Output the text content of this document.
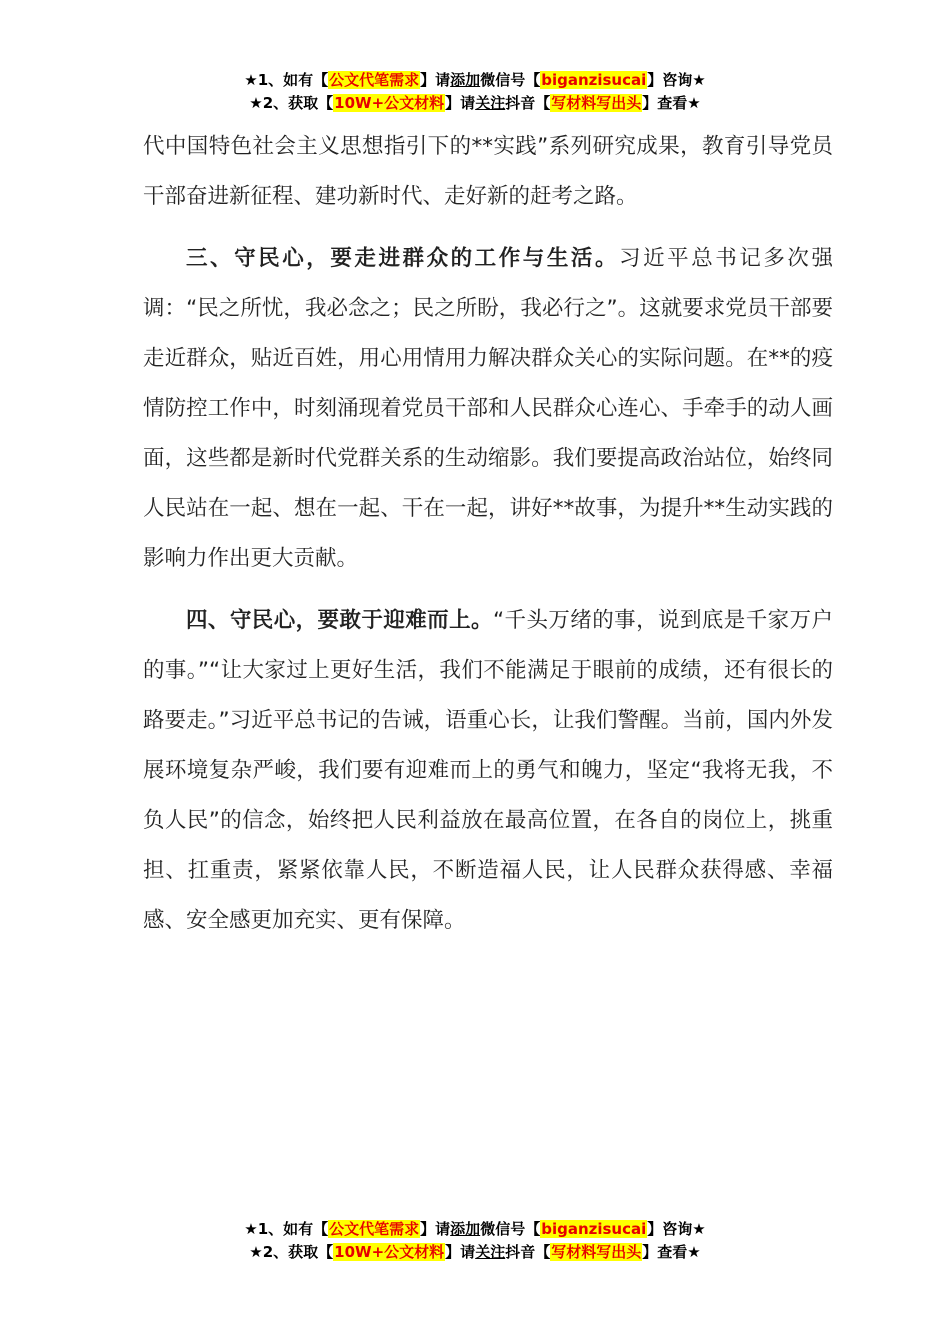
★1、如有【公文代笔需求】请添加微信号【biganzisucai】咨询★
★2、获取【10W+公文材料】请关注抖音【写材料写出头】查看★

代中国特色社会主义思想指引下的**实践”系列研究成果，教育引导党员干部奋进新征程、建功新时代、走好新的赶考之路。

三、守民心，要走进群众的工作与生活。习近平总书记多次强调：“民之所忧，我必念之；民之所盼，我必行之”。这就要求党员干部要走近群众，贴近百姓，用心用情用力解决群众关心的实际问题。在**的疫情防控工作中，时刻涌现着党员干部和人民群众心连心、手牵手的动人画面，这些都是新时代党群关系的生动缩影。我们要提高政治站位，始终同人民站在一起、想在一起、干在一起，讲好**故事，为提升**生动实践的影响力作出更大贡献。

四、守民心，要敢于迎难而上。“千头万绪的事，说到底是千家万户的事。”“让大家过上更好生活，我们不能满足于眼前的成绩，还有很长的路要走。”习近平总书记的告诫，语重心长，让我们警醒。当前，国内外发展环境复杂严峻，我们要有迎难而上的勇气和魄力，坚定“我将无我，不负人民”的信念，始终把人民利益放在最高位置，在各自的岗位上，挑重担、扛重责，紧紧依靠人民，不断造福人民，让人民群众获得感、幸福感、安全感更加充实、更有保障。

★1、如有【公文代笔需求】请添加微信号【biganzisucai】咨询★
★2、获取【10W+公文材料】请关注抖音【写材料写出头】查看★
